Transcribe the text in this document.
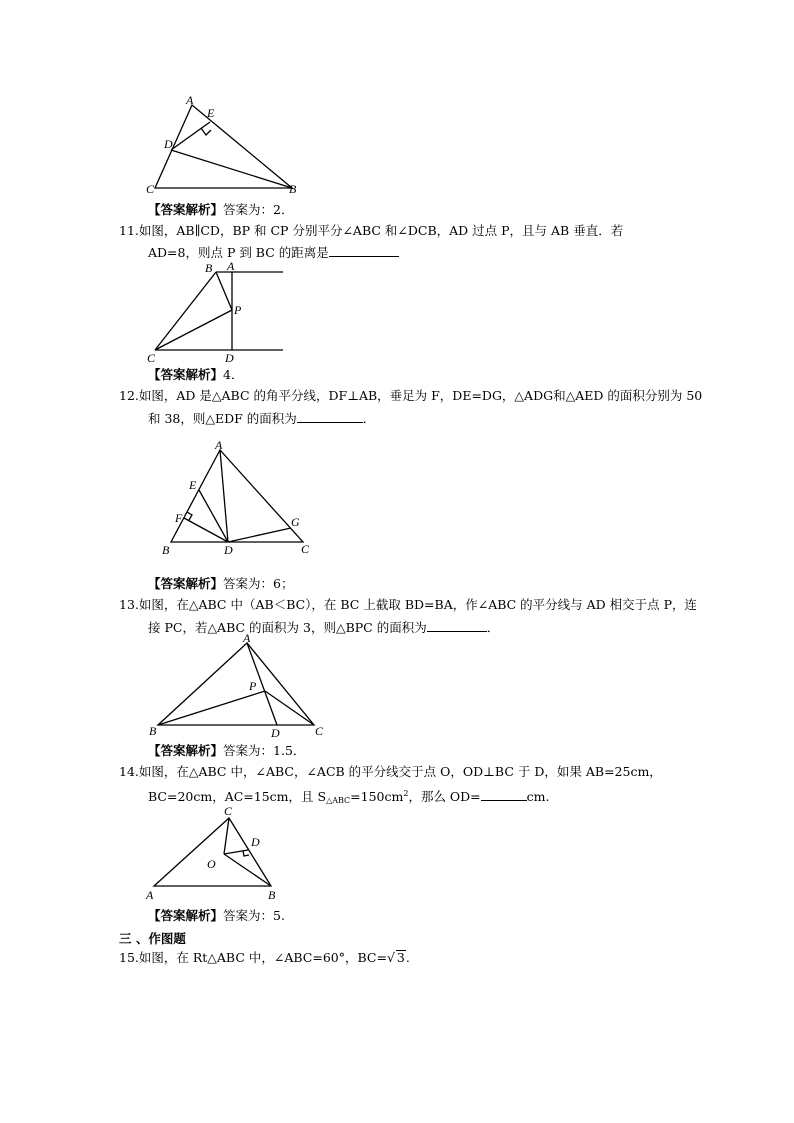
A
E
D
C	B
【答案解析】答案为：2．
11.如图，AB∥CD，BP 和 CP 分别平分∠ABC 和∠DCB，AD 过点 P，且与 AB 垂直．若
AD=8，则点 P 到 BC 的距离是
B A
P
C	D
【答案解析】4．
12.如图，AD 是△ABC 的角平分线，DF⊥AB，垂足为 F，DE=DG，△ADG和△AED 的面积分别为 50
和 38，则△EDF 的面积为	．
A
E
F	G
B	D	C
【答案解析】答案为：6；
13.如图，在△ABC 中（AB＜BC），在 BC 上截取 BD=BA，作∠ABC 的平分线与 AD 相交于点 P，连
接 PC，若△ABC 的面积为 3，则△BPC 的面积为	．
A
P
B	D	C
【答案解析】答案为：1.5．
14.如图，在△ABC 中，∠ABC，∠ACB 的平分线交于点 O，OD⊥BC 于 D，如果 AB=25cm，
BC=20cm，AC=15cm，且 $S_{\triangle ABC}=150cm^2$，那么 OD=	cm.
C
D
O
A	B
【答案解析】答案为：5.
三 、作图题
15.如图，在 Rt△ABC 中，∠ABC=60°，BC=√ 3.
